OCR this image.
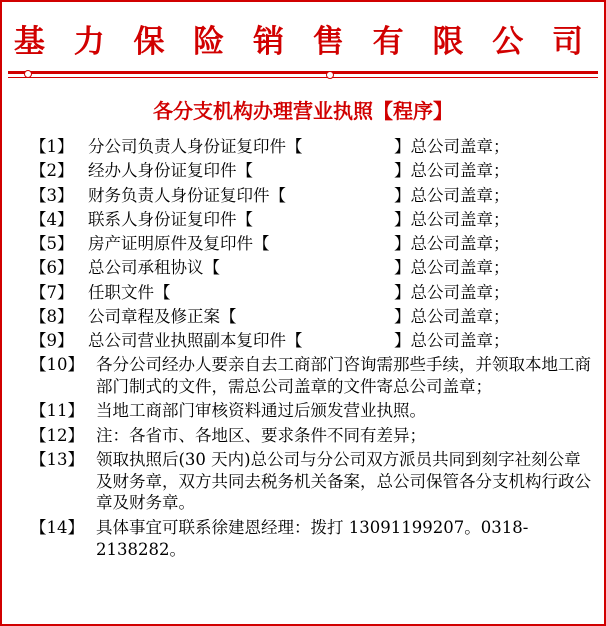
基 力 保 险 销 售 有 限 公 司
各分支机构办理营业执照【程序】
【1】 分公司负责人身份证复印件【	】总公司盖章；
【2】 经办人身份证复印件【	】总公司盖章；
【3】 财务负责人身份证复印件【	】总公司盖章；
【4】 联系人身份证复印件【	】总公司盖章；
【5】 房产证明原件及复印件【	】总公司盖章；
【6】 总公司承租协议【	】总公司盖章；
【7】 任职文件【	】总公司盖章；
【8】 公司章程及修正案【	】总公司盖章；
【9】 总公司营业执照副本复印件【	】总公司盖章；
【10】 各分公司经办人要亲自去工商部门咨询需那些手续，并领取本地工商部门制式的文件，需总公司盖章的文件寄总公司盖章；
【11】 当地工商部门审核资料通过后颁发营业执照。
【12】 注：各省市、各地区、要求条件不同有差异；
【13】 领取执照后(30 天内)总公司与分公司双方派员共同到刻字社刻公章及财务章，双方共同去税务机关备案，总公司保管各分支机构行政公章及财务章。
【14】 具体事宜可联系徐建恩经理：拨打 13091199207。0318-2138282。
